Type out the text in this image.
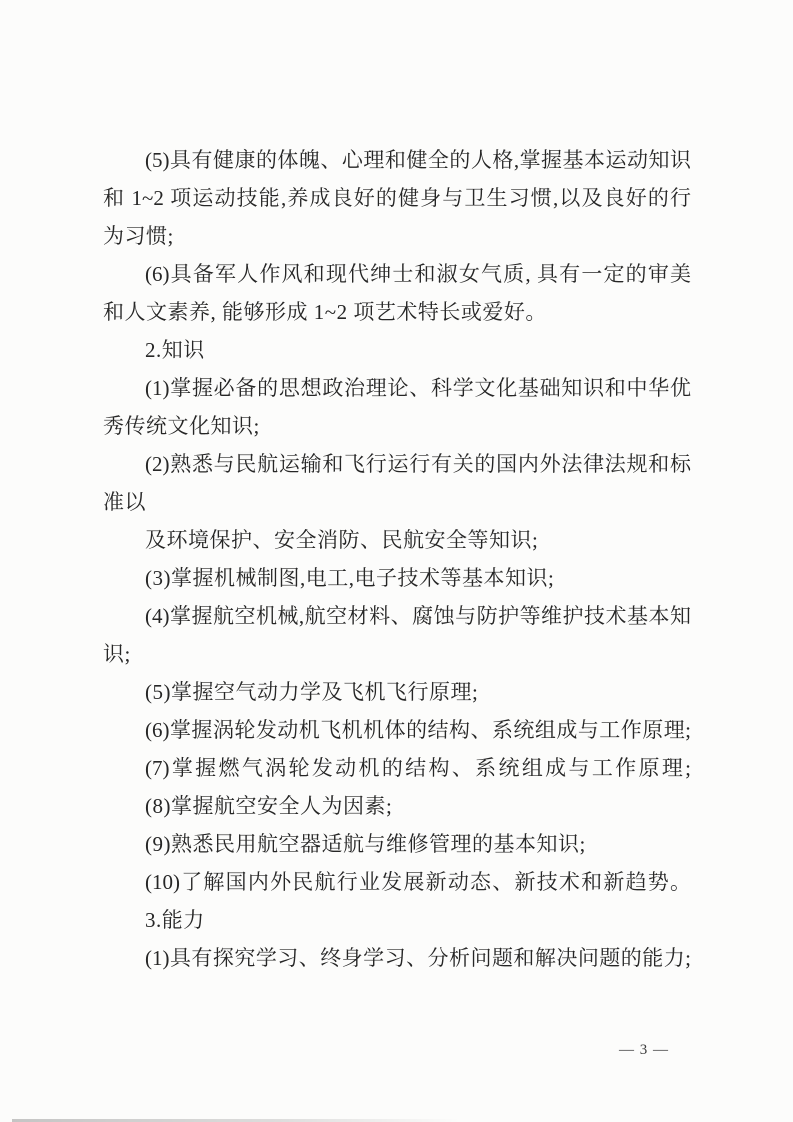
(5)具有健康的体魄、心理和健全的人格,掌握基本运动知识

和 1~2 项运动技能,养成良好的健身与卫生习惯,以及良好的行

为习惯;

(6)具备军人作风和现代绅士和淑女气质, 具有一定的审美

和人文素养, 能够形成 1~2 项艺术特长或爱好。

2.知识

(1)掌握必备的思想政治理论、科学文化基础知识和中华优

秀传统文化知识;

(2)熟悉与民航运输和飞行运行有关的国内外法律法规和标

准以

及环境保护、安全消防、民航安全等知识;

(3)掌握机械制图,电工,电子技术等基本知识;

(4)掌握航空机械,航空材料、腐蚀与防护等维护技术基本知

识;

(5)掌握空气动力学及飞机飞行原理;

(6)掌握涡轮发动机飞机机体的结构、系统组成与工作原理;

(7)掌握燃气涡轮发动机的结构、系统组成与工作原理;

(8)掌握航空安全人为因素;

(9)熟悉民用航空器适航与维修管理的基本知识;

(10)了解国内外民航行业发展新动态、新技术和新趋势。

3.能力

(1)具有探究学习、终身学习、分析问题和解决问题的能力;

— 3 —
